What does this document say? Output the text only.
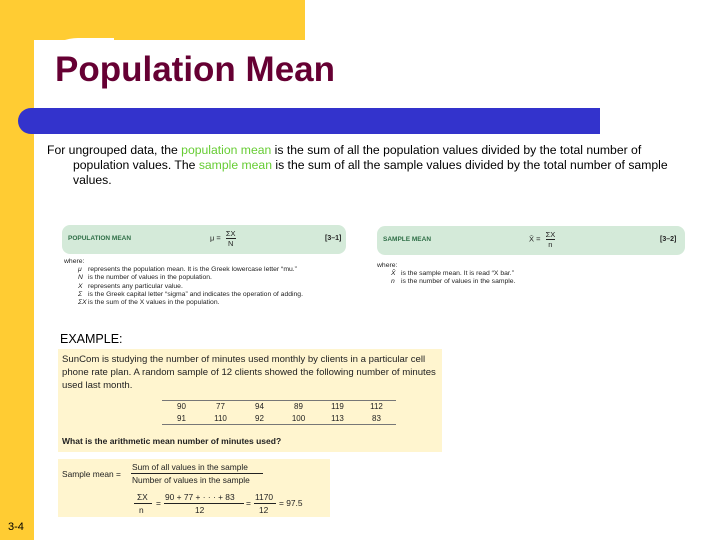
3-4
Population Mean
For ungrouped data, the population mean is the sum of all the population values divided by the total number of population values. The sample mean is the sum of all the sample values divided by the total number of sample values.
POPULATION MEAN	$\mu = \frac{\Sigma X}{N}$	[3–1]
where:
μ represents the population mean. It is the Greek lowercase letter “mu.”
N is the number of values in the population.
X represents any particular value.
Σ is the Greek capital letter “sigma” and indicates the operation of adding.
ΣXis the sum of the X values in the population.
SAMPLE MEAN	X̄ = $\frac{\Sigma X}{n}$	[3–2]
where:
X̄ is the sample mean. It is read “X bar.”
n is the number of values in the sample.
EXAMPLE:
SunCom is studying the number of minutes used monthly by clients in a particular cell phone rate plan. A random sample of 12 clients showed the following number of minutes used last month.
90	77	94	89	119	112
91	110	92	100	113	83
What is the arithmetic mean number of minutes used?
Sample mean =
Sum of all values in the sample
Number of values in the sample
ΣX
n
=
90 + 77 + · · · + 83
12
=
1170
12
= 97.5
